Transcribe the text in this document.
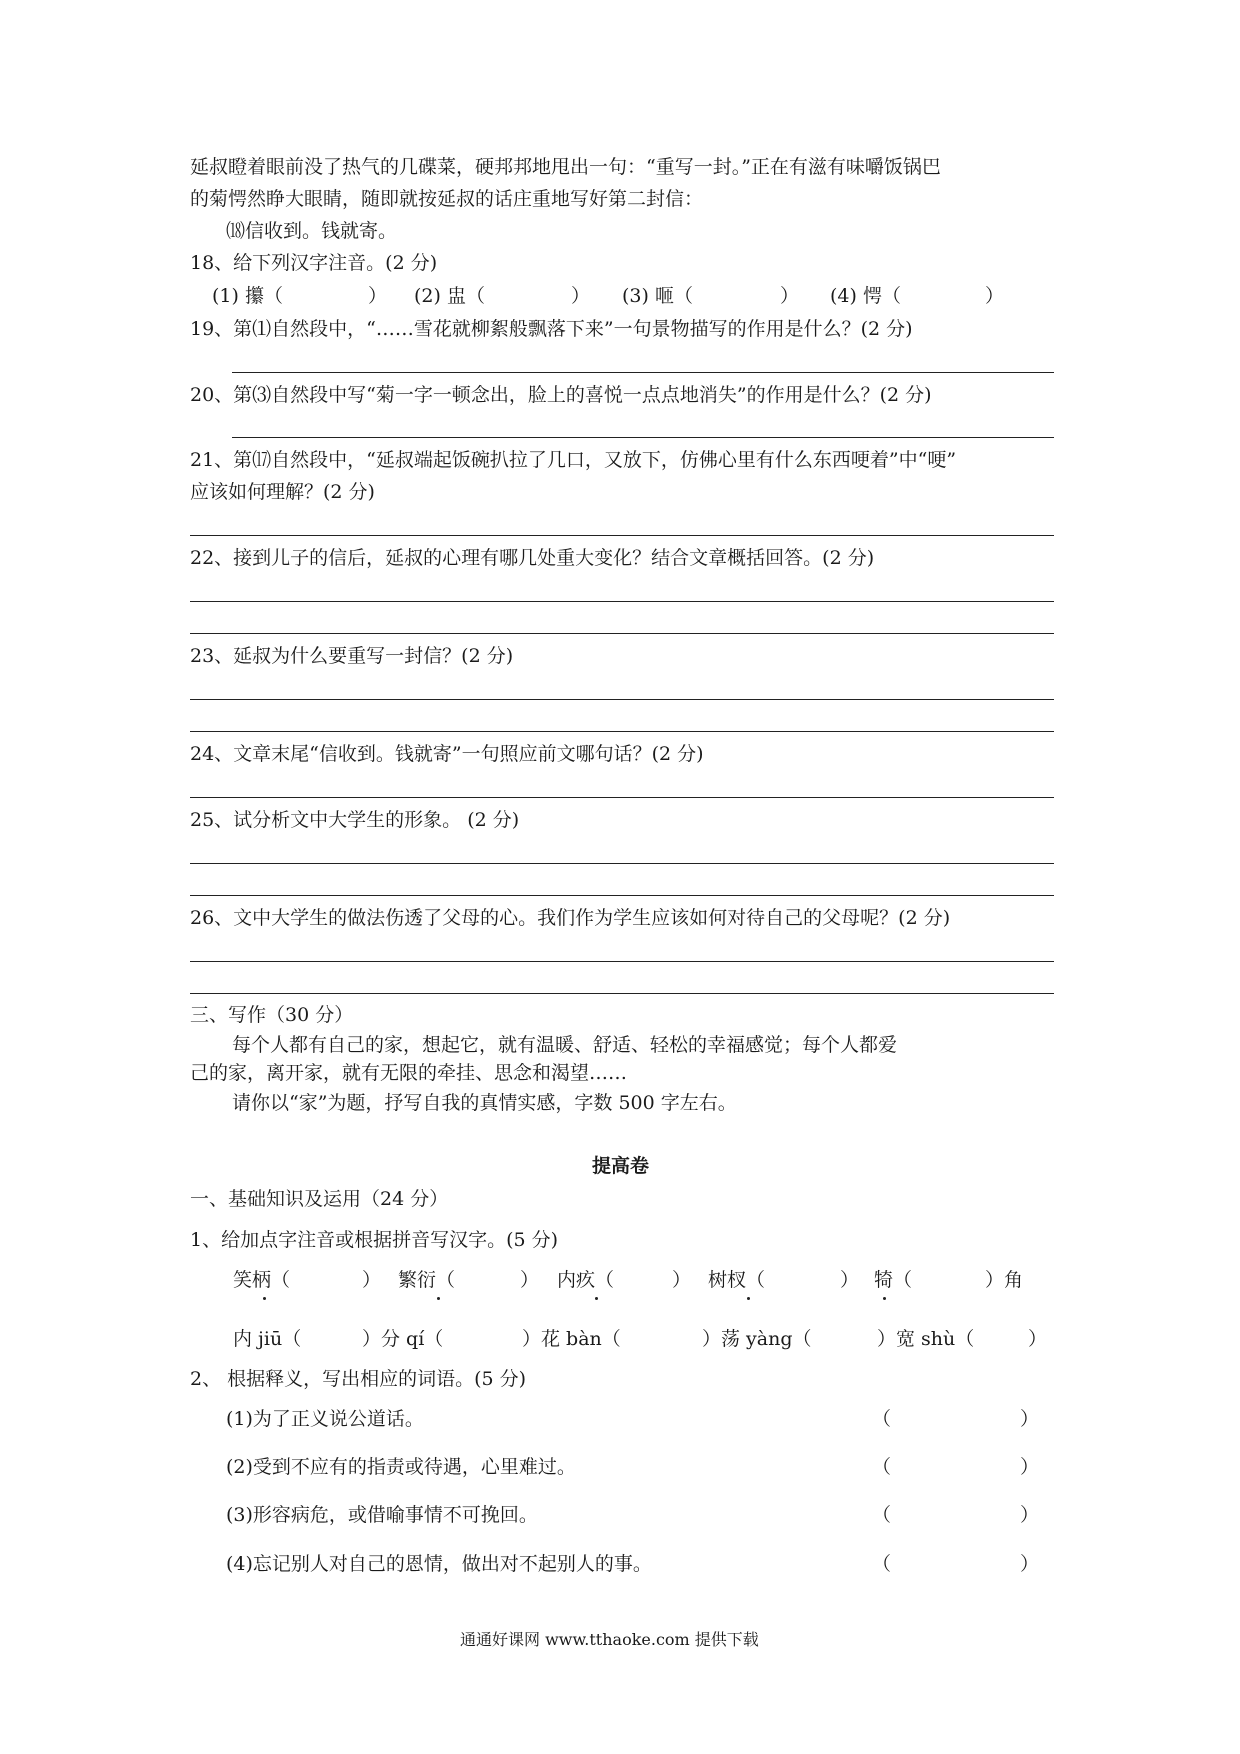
延叔瞪着眼前没了热气的几碟菜，硬邦邦地甩出一句：“重写一封。”正在有滋有味嚼饭锅巴
的菊愕然睁大眼睛，随即就按延叔的话庄重地写好第二封信：
⒅信收到。钱就寄。
18、给下列汉字注音。(2 分)
(1) 攥（	） (2) 盅（	） (3) 咂（	） (4) 愕（	）
19、第⑴自然段中，“……雪花就柳絮般飘落下来”一句景物描写的作用是什么？(2 分)
20、第⑶自然段中写“菊一字一顿念出，脸上的喜悦一点点地消失”的作用是什么？(2 分)
21、第⒄自然段中，“延叔端起饭碗扒拉了几口，又放下，仿佛心里有什么东西哽着”中“哽”
应该如何理解？(2 分)
22、接到儿子的信后，延叔的心理有哪几处重大变化？结合文章概括回答。(2 分)
23、延叔为什么要重写一封信？(2 分)
24、文章末尾“信收到。钱就寄”一句照应前文哪句话？(2 分)
25、试分析文中大学生的形象。 (2 分)
26、文中大学生的做法伤透了父母的心。我们作为学生应该如何对待自己的父母呢？(2 分)
三、写作（30 分）
每个人都有自己的家，想起它，就有温暖、舒适、轻松的幸福感觉；每个人都爱
己的家，离开家，就有无限的牵挂、思念和渴望……
请你以“家”为题，抒写自我的真情实感，字数 500 字左右。
提高卷
一、基础知识及运用（24 分）
1、给加点字注音或根据拼音写汉字。(5 分)
笑柄（	） 繁衍（	） 内疚（	） 树杈（	） 犄（	）角
内 jiū（	）分 qí（	）花 bàn（	）荡 yàng（	）宽 shù（	）
2、 根据释义，写出相应的词语。(5 分)
(1)为了正义说公道话。	（	）
(2)受到不应有的指责或待遇，心里难过。	（	）
(3)形容病危，或借喻事情不可挽回。	（	）
(4)忘记别人对自己的恩情，做出对不起别人的事。	（	）
通通好课网 www.tthaoke.com 提供下载
